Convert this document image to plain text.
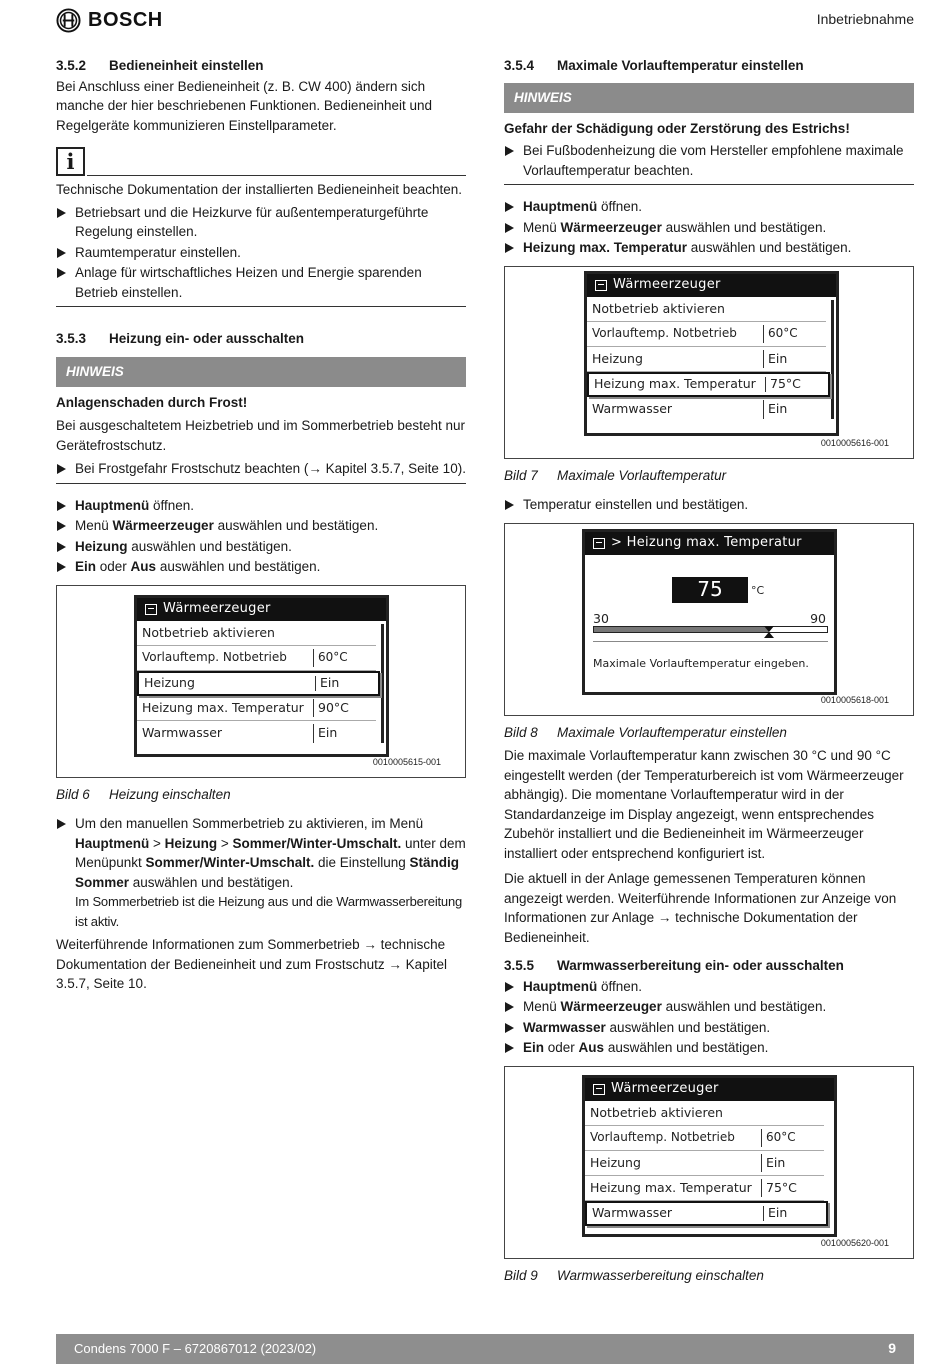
BOSCH	Inbetriebnahme
3.5.2 Bedieneinheit einstellen

Bei Anschluss einer Bedieneinheit (z. B. CW 400) ändern sich manche der hier beschriebenen Funktionen. Bedieneinheit und Regelgeräte kommunizieren Einstellparameter.

i

Technische Dokumentation der installierten Bedieneinheit beachten.

Betriebsart und die Heizkurve für außentemperaturgeführte Regelung einstellen.
Raumtemperatur einstellen.
Anlage für wirtschaftliches Heizen und Energie sparenden Betrieb einstellen.
3.5.3 Heizung ein- oder ausschalten
HINWEIS
Anlagenschaden durch Frost!

Bei ausgeschaltetem Heizbetrieb und im Sommerbetrieb besteht nur Gerätefrostschutz.

Bei Frostgefahr Frostschutz beachten (→ Kapitel 3.5.7, Seite 10).
Hauptmenü öffnen.
Menü Wärmeerzeuger auswählen und bestätigen.
Heizung auswählen und bestätigen.
Ein oder Aus auswählen und bestätigen.
Wärmeerzeuger
Notbetrieb aktivieren
Vorlauftemp. Notbetrieb	60°C
Heizung	Ein
Heizung max. Temperatur	90°C
Warmwasser	Ein
0010005615-001
Bild 6 Heizung einschalten
Um den manuellen Sommerbetrieb zu aktivieren, im Menü Hauptmenü > Heizung > Sommer/Winter-Umschalt. unter dem Menüpunkt Sommer/Winter-Umschalt. die Einstellung Ständig Sommer auswählen und bestätigen.
Im Sommerbetrieb ist die Heizung aus und die Warmwasserbereitung ist aktiv.

Weiterführende Informationen zum Sommerbetrieb → technische Dokumentation der Bedieneinheit und zum Frostschutz → Kapitel 3.5.7, Seite 10.

3.5.4 Maximale Vorlauftemperatur einstellen
HINWEIS
Gefahr der Schädigung oder Zerstörung des Estrichs!
Bei Fußbodenheizung die vom Hersteller empfohlene maximale Vorlauftemperatur beachten.
Hauptmenü öffnen.
Menü Wärmeerzeuger auswählen und bestätigen.
Heizung max. Temperatur auswählen und bestätigen.
Wärmeerzeuger
Notbetrieb aktivieren
Vorlauftemp. Notbetrieb	60°C
Heizung	Ein
Heizung max. Temperatur	75°C
Warmwasser	Ein
0010005616-001
Bild 7 Maximale Vorlauftemperatur
Temperatur einstellen und bestätigen.
> Heizung max. Temperatur
75	°C
30	90
Maximale Vorlauftemperatur eingeben.
0010005618-001
Bild 8 Maximale Vorlauftemperatur einstellen

Die maximale Vorlauftemperatur kann zwischen 30 °C und 90 °C eingestellt werden (der Temperaturbereich ist vom Wärmeerzeuger abhängig). Die momentane Vorlauftemperatur wird in der Standardanzeige im Display angezeigt, wenn entsprechendes Zubehör installiert und die Bedieneinheit im Wärmeerzeuger installiert oder entsprechend konfiguriert ist.

Die aktuell in der Anlage gemessenen Temperaturen können angezeigt werden. Weiterführende Informationen zur Anzeige von Informationen zur Anlage → technische Dokumentation der Bedieneinheit.

3.5.5 Warmwasserbereitung ein- oder ausschalten
Hauptmenü öffnen.
Menü Wärmeerzeuger auswählen und bestätigen.
Warmwasser auswählen und bestätigen.
Ein oder Aus auswählen und bestätigen.
Wärmeerzeuger
Notbetrieb aktivieren
Vorlauftemp. Notbetrieb	60°C
Heizung	Ein
Heizung max. Temperatur	75°C
Warmwasser	Ein
0010005620-001
Bild 9 Warmwasserbereitung einschalten
Condens 7000 F – 6720867012 (2023/02)	9
